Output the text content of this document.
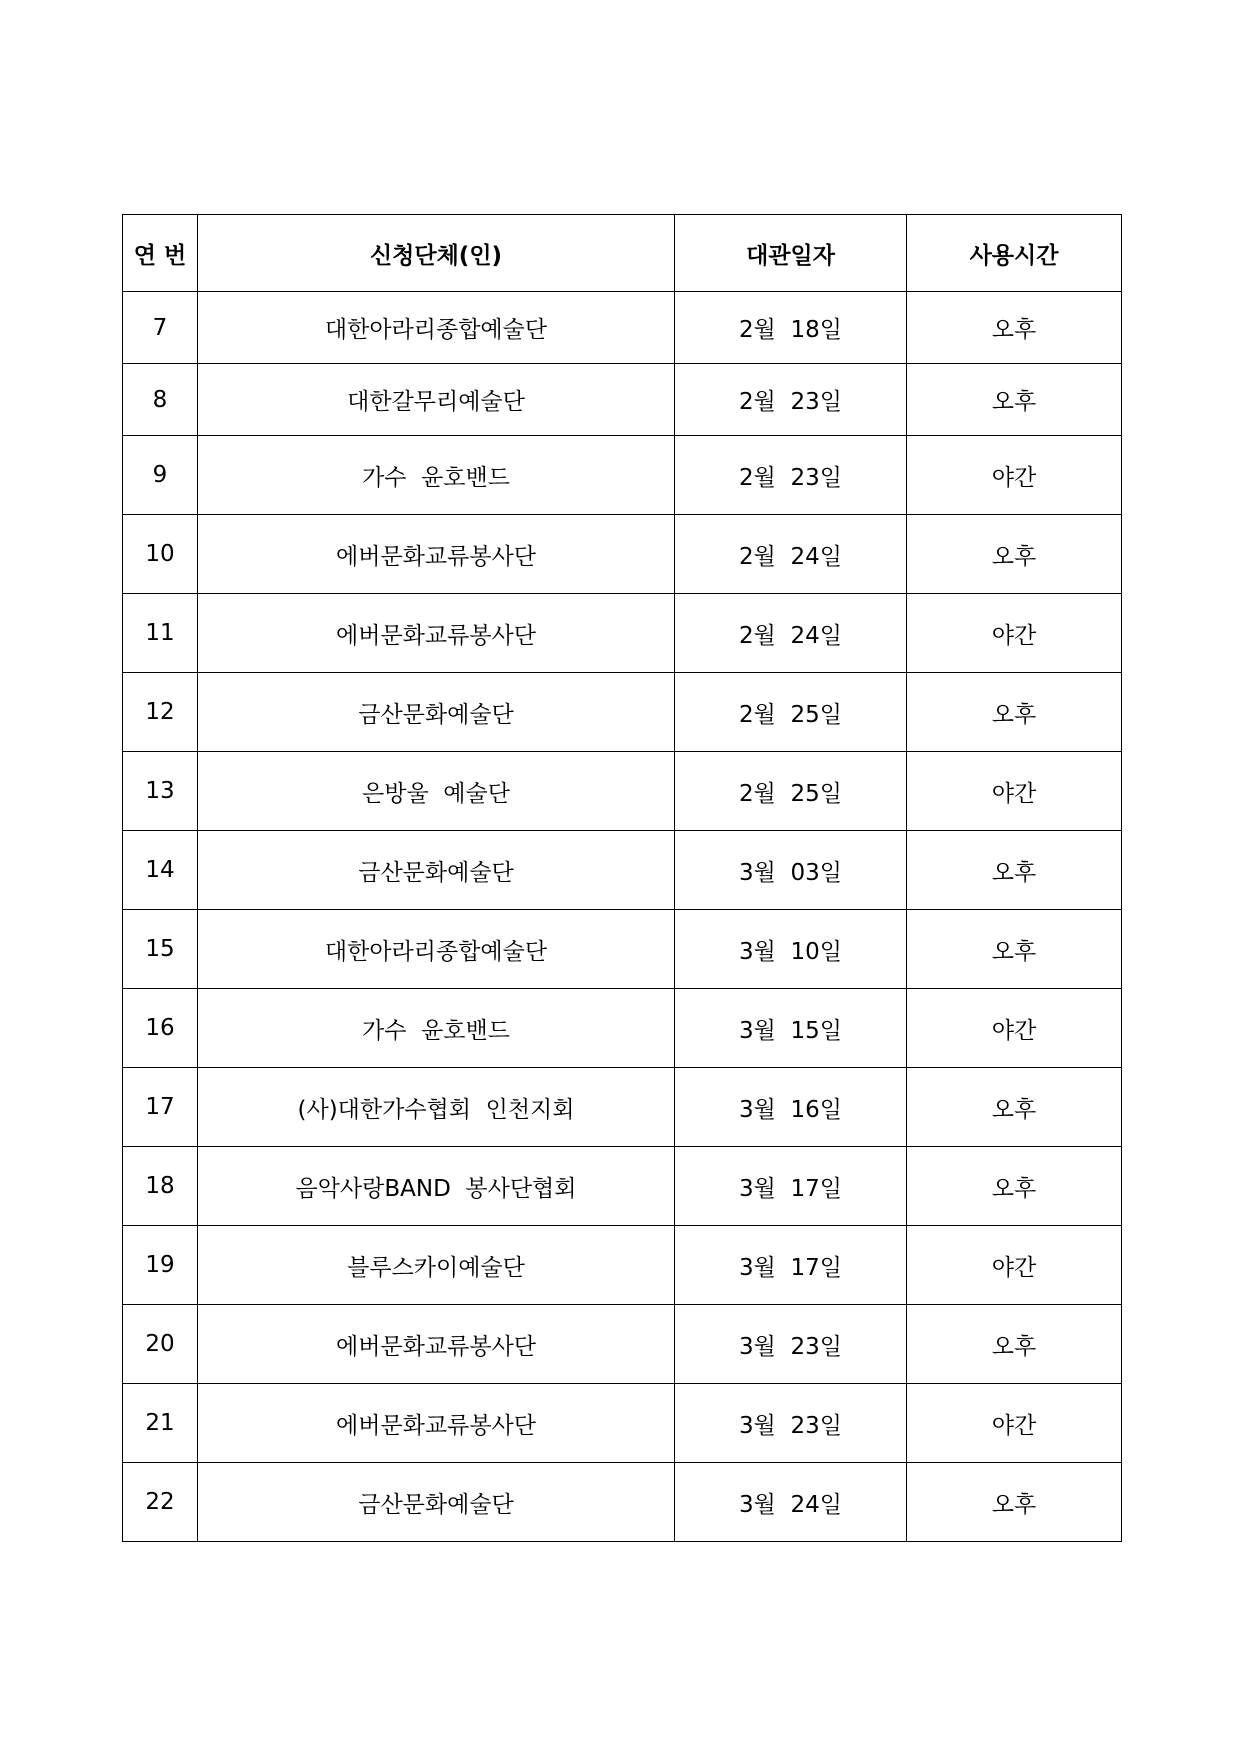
연 번	신청단체(인)	대관일자	사용시간
7	대한아라리종합예술단	2월  18일	오후
8	대한갈무리예술단	2월  23일	오후
9	가수  윤호밴드	2월  23일	야간
10	에버문화교류봉사단	2월  24일	오후
11	에버문화교류봉사단	2월  24일	야간
12	금산문화예술단	2월  25일	오후
13	은방울  예술단	2월  25일	야간
14	금산문화예술단	3월  03일	오후
15	대한아라리종합예술단	3월  10일	오후
16	가수  윤호밴드	3월  15일	야간
17	(사)대한가수협회  인천지회	3월  16일	오후
18	음악사랑BAND  봉사단협회	3월  17일	오후
19	블루스카이예술단	3월  17일	야간
20	에버문화교류봉사단	3월  23일	오후
21	에버문화교류봉사단	3월  23일	야간
22	금산문화예술단	3월  24일	오후
